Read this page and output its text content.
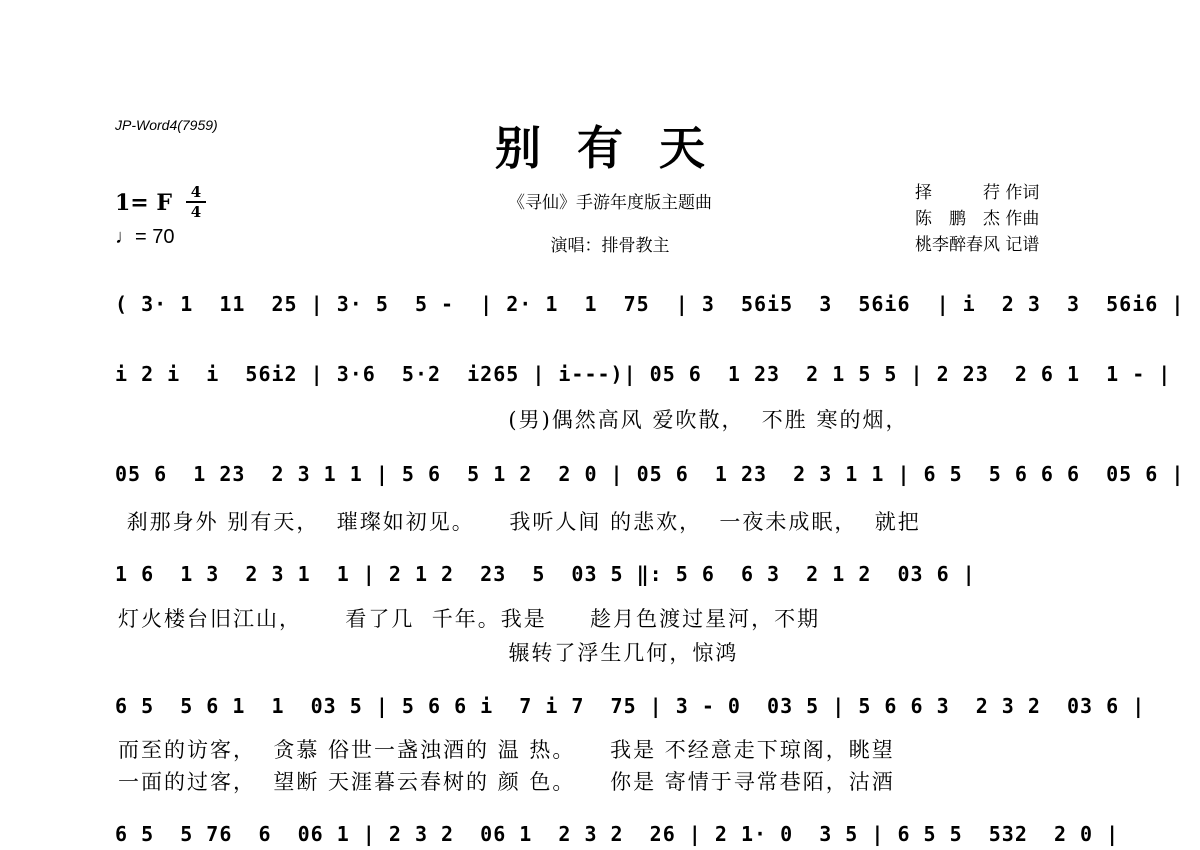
JP-Word4(7959)	别有天
1= F	4
4
♩= 70
《寻仙》手游年度版主题曲
演唱：排骨教主
择　　　荇 作词
陈　鹏　杰 作曲
桃李醉春风 记谱
( 3· 1  11  25 | 3· 5  5 -  | 2· 1  1  75  | 3  56i5  3  56i6  | i  2 3  3  56i6 |
i 2 i  i  56i2 | 3·6  5·2  i265 | i---)| 05 6  1 23  2 1 5 5 | 2 23  2 6 1  1 - |
(男)偶然高风 爱吹散，  不胜 寒的烟，
05 6  1 23  2 3 1 1 | 5 6  5 1 2  2 0 | 05 6  1 23  2 3 1 1 | 6 5  5 6 6 6  05 6 |
刹那身外 别有天，  璀璨如初见。    我听人间 的悲欢，  一夜未成眠，  就把
1 6  1 3  2 3 1  1 | 2 1 2  23  5  03 5 ‖: 5 6  6 3  2 1 2  03 6 |
灯火楼台旧江山，     看了几  千年。我是     趁月色渡过星河，不期
辗转了浮生几何，惊鸿
6 5  5 6 1  1  03 5 | 5 6 6 i  7 i 7  75 | 3 - 0  03 5 | 5 6 6 3  2 3 2  03 6 |
而至的访客，  贪慕 俗世一盏浊酒的 温 热。    我是 不经意走下琼阁，眺望
一面的过客，  望断 天涯暮云春树的 颜 色。    你是 寄情于寻常巷陌，沽酒
6 5  5 76  6  06 1 | 2 3 2  06 1  2 3 2  26 | 2 1· 0  3 5 | 6 5 5  532  2 0 |
